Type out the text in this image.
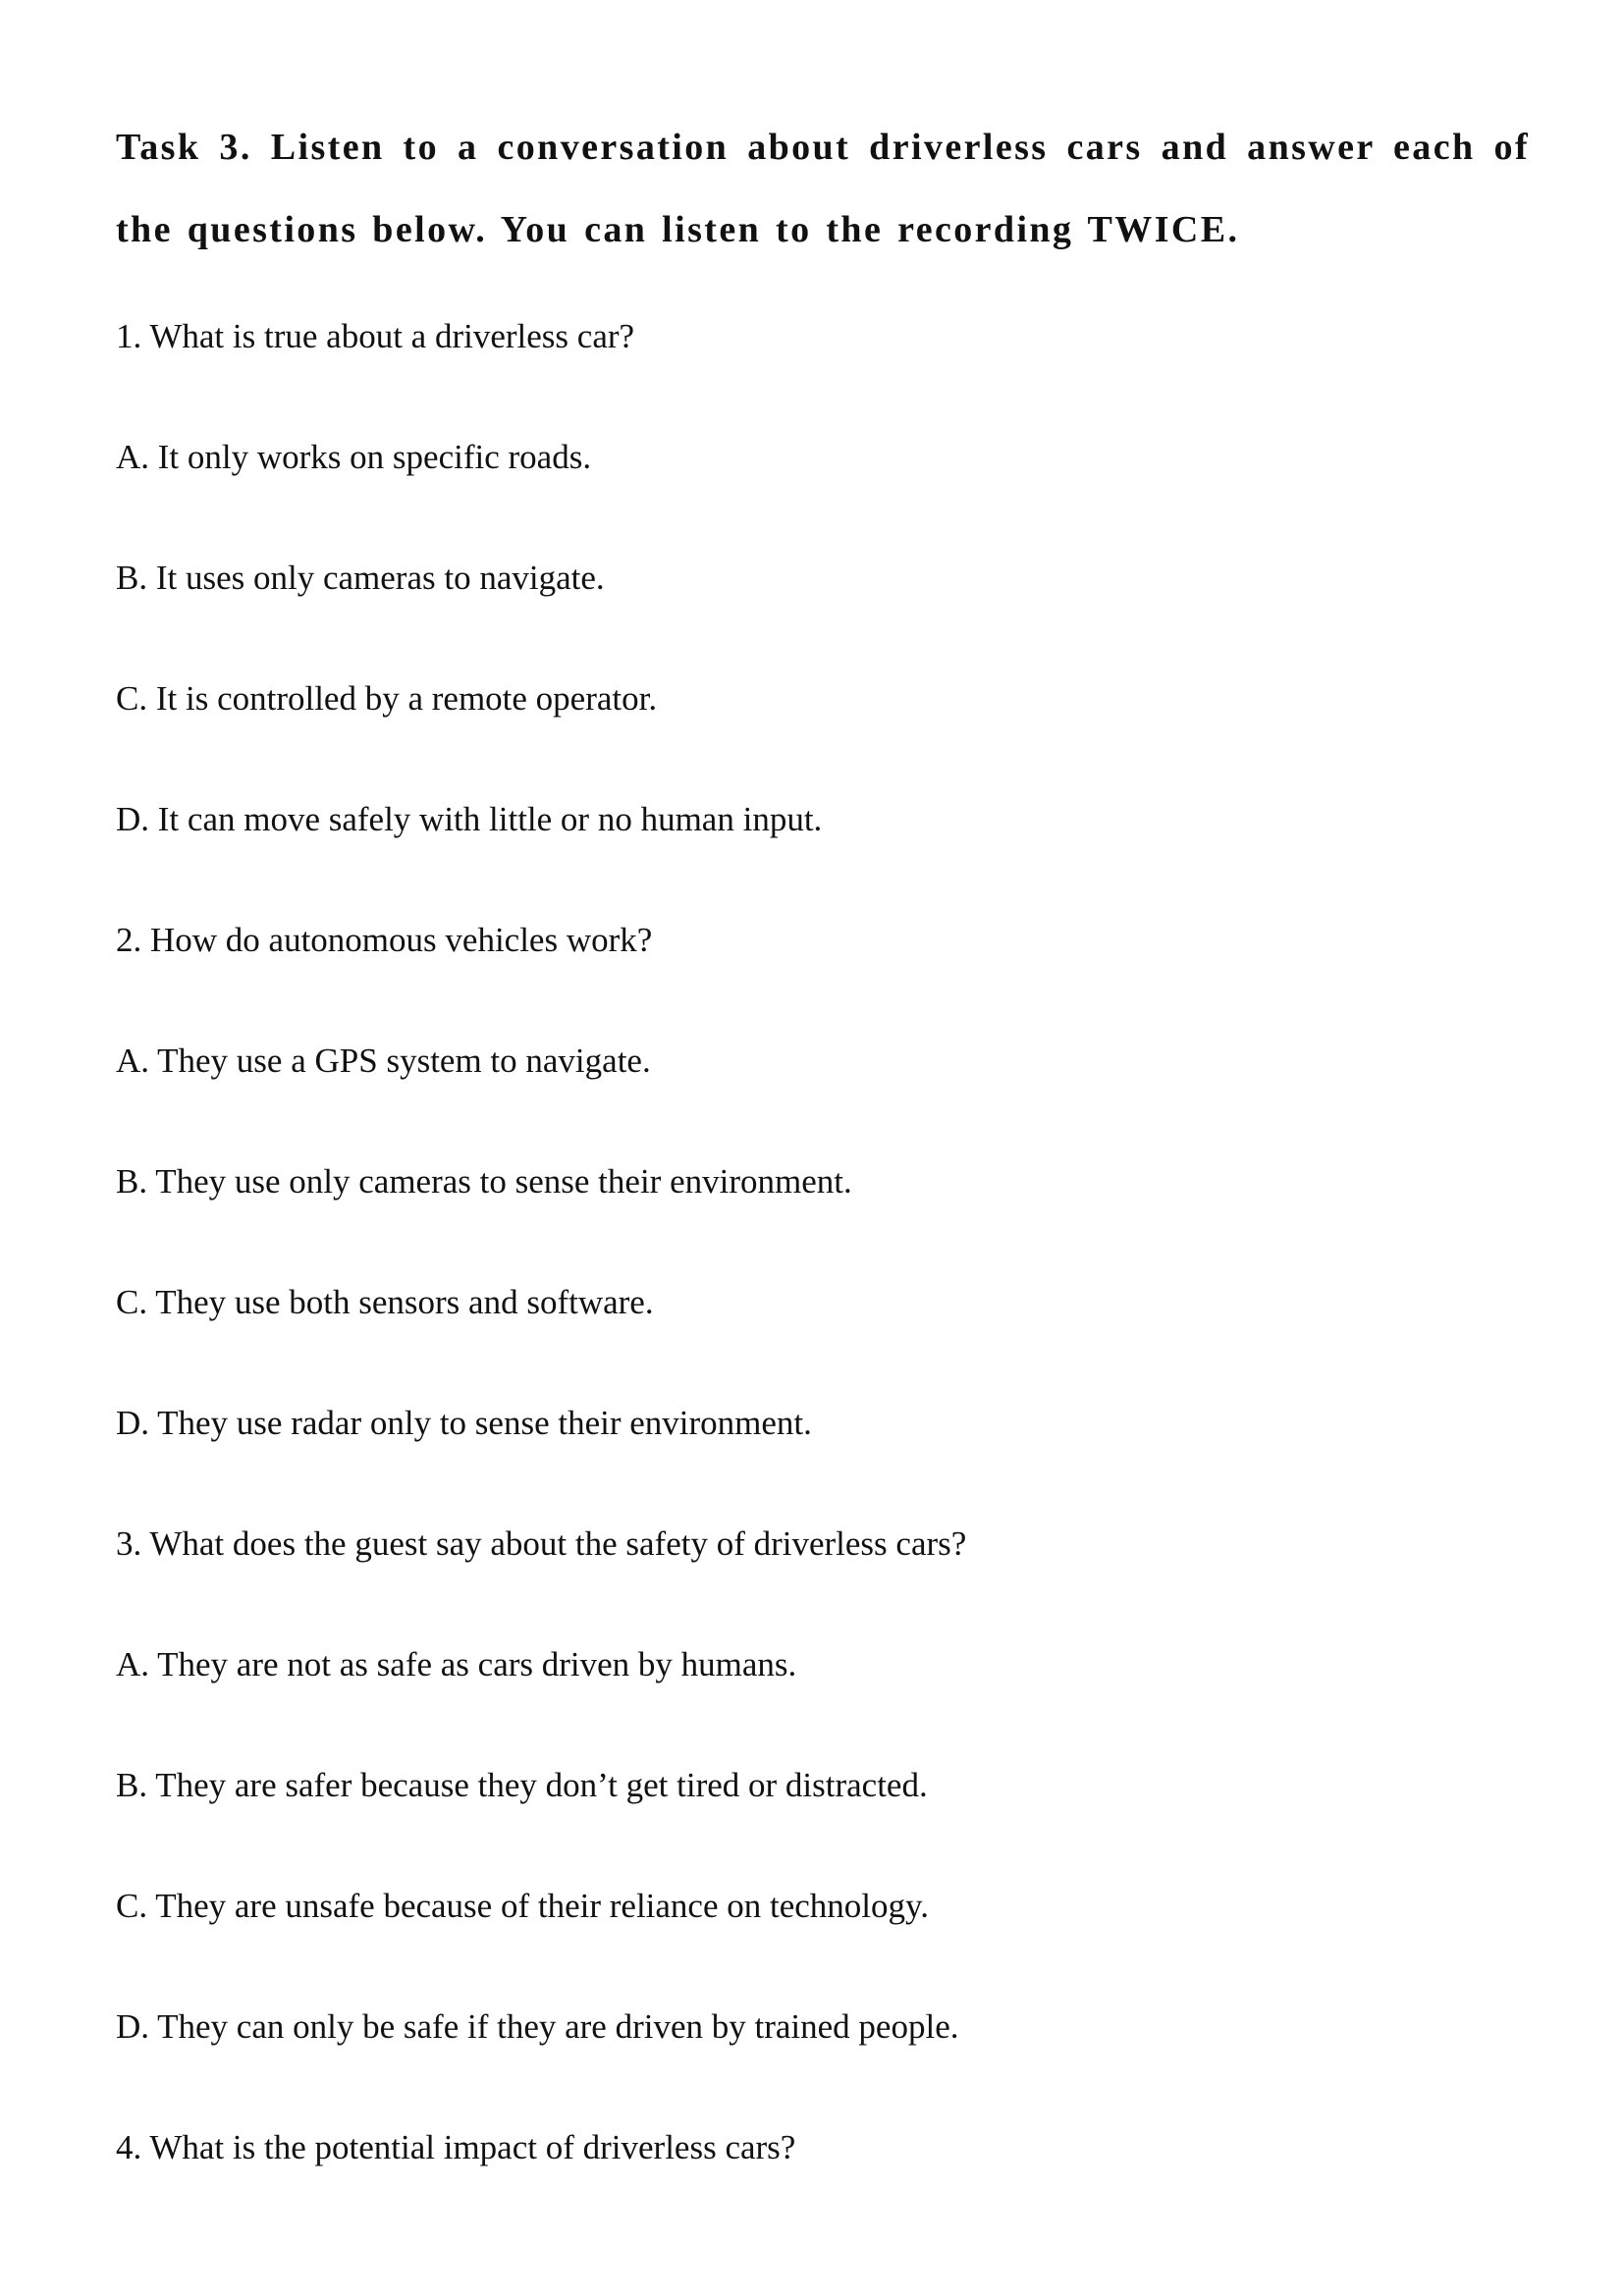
Task 3. Listen to a conversation about driverless cars and answer each of the questions below. You can listen to the recording TWICE.

1. What is true about a driverless car?

A. It only works on specific roads.

B. It uses only cameras to navigate.

C. It is controlled by a remote operator.

D. It can move safely with little or no human input.

2. How do autonomous vehicles work?

A. They use a GPS system to navigate.

B. They use only cameras to sense their environment.

C. They use both sensors and software.

D. They use radar only to sense their environment.

3. What does the guest say about the safety of driverless cars?

A. They are not as safe as cars driven by humans.

B. They are safer because they don’t get tired or distracted.

C. They are unsafe because of their reliance on technology.

D. They can only be safe if they are driven by trained people.

4. What is the potential impact of driverless cars?
